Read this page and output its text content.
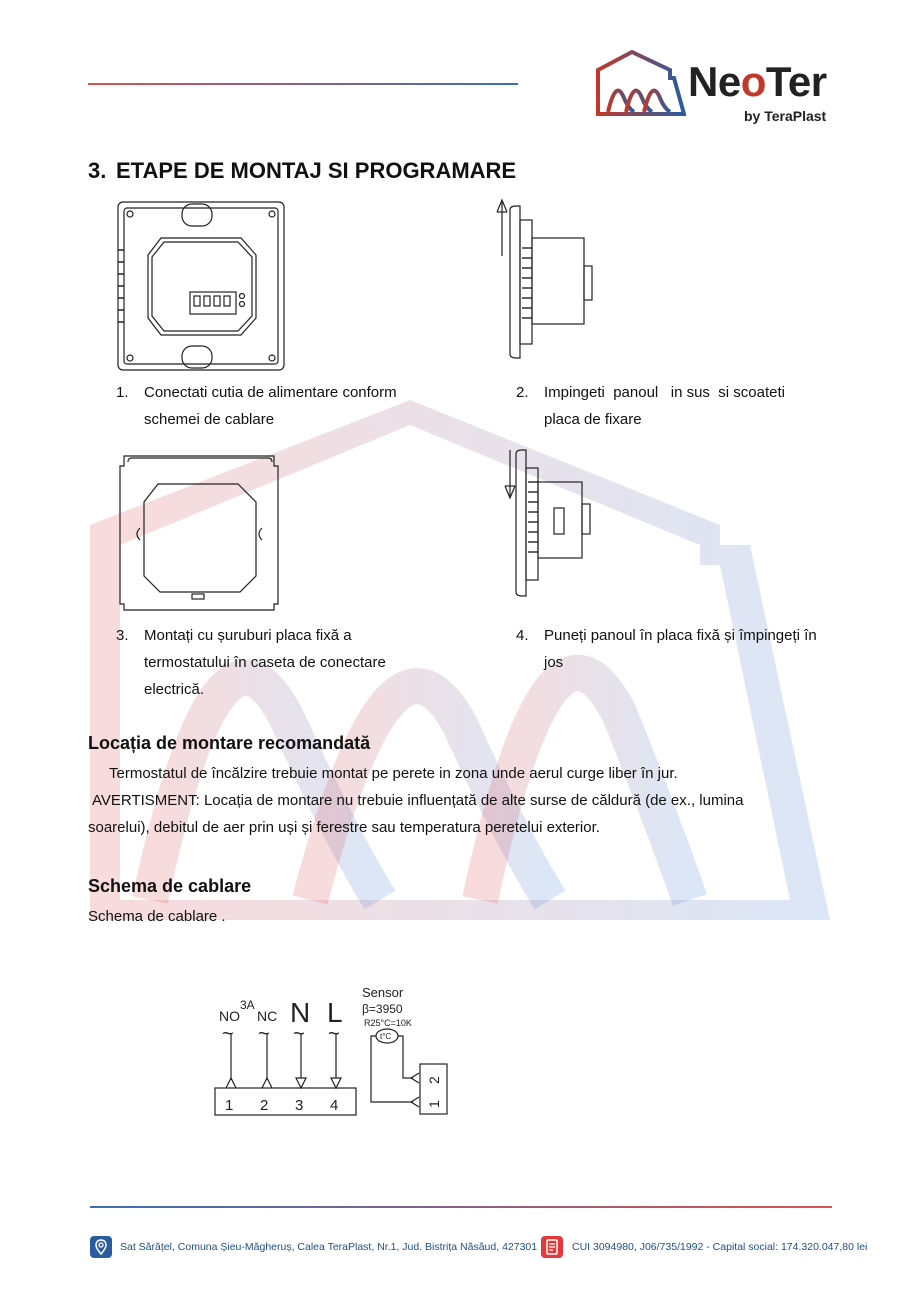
NeoTer
by TeraPlast
3. ETAPE DE MONTAJ SI PROGRAMARE
1.	Conectati cutia de alimentare conform
schemei de cablare
2.	Impingeti  panoul   in sus  si scoateti
placa de fixare
3.	Montați cu șuruburi placa fixă a
termostatului în caseta de conectare
electrică.
4.	Puneți panoul în placa fixă și împingeți în
jos
Locația de montare recomandată
Termostatul de încălzire trebuie montat pe perete in zona unde aerul curge liber în jur.
AVERTISMENT: Locația de montare nu trebuie influențată de alte surse de căldură (de ex., lumina
soarelui), debitul de aer prin uși și ferestre sau temperatura peretelui exterior.
Schema de cablare
Schema de cablare .
NO
3A
NC N L
~ ~ ~ ~
1 2 3 4
Sensor
β=3950
R25°C=10K
t°C
1
2
Sat Sărățel, Comuna Șieu-Măgheruș, Calea TeraPlast, Nr.1, Jud. Bistrița Năsăud, 427301	CUI 3094980, J06/735/1992 - Capital social: 174.320.047,80 lei
